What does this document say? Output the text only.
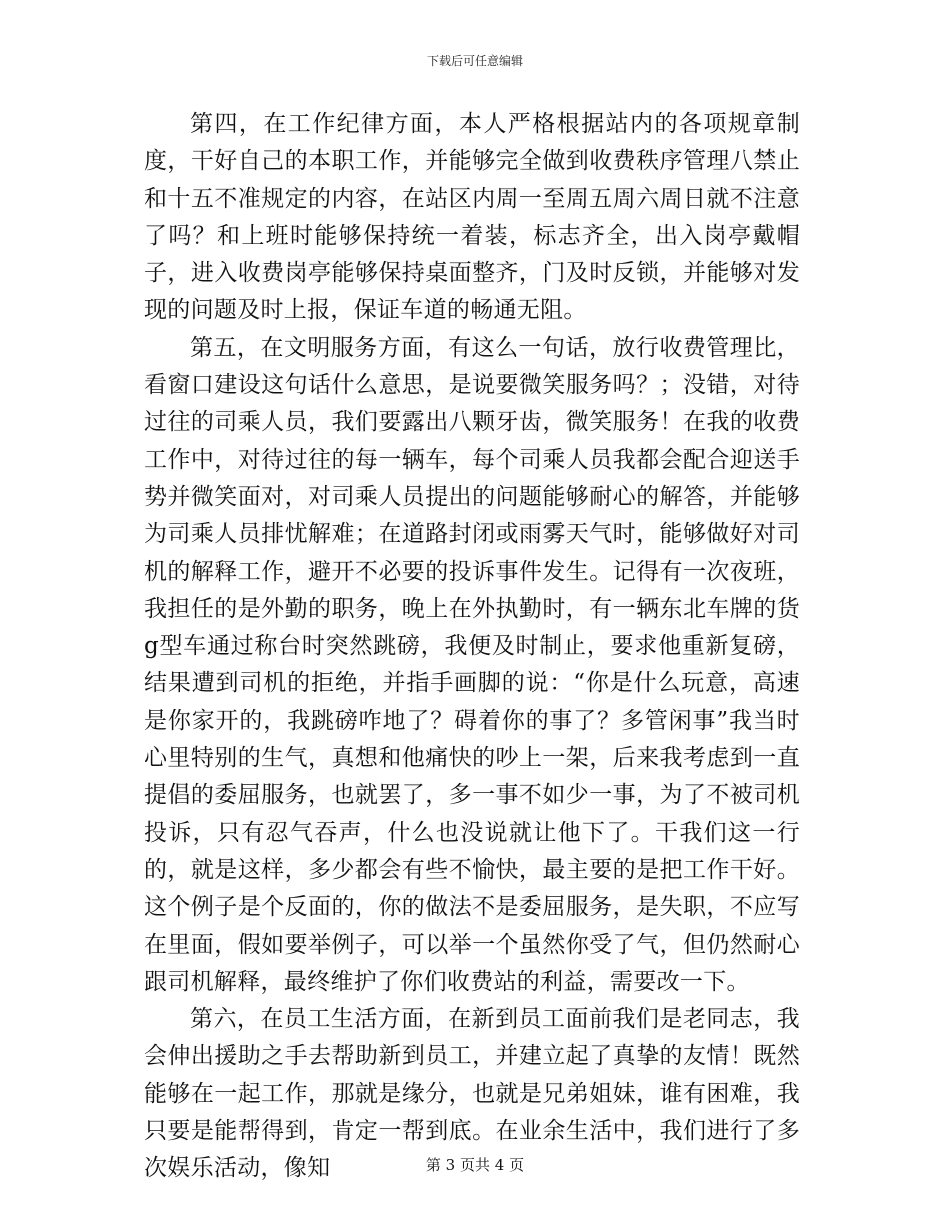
下载后可任意编辑

第四，在工作纪律方面，本人严格根据站内的各项规章制度，干好自己的本职工作，并能够完全做到收费秩序管理八禁止和十五不准规定的内容，在站区内周一至周五周六周日就不注意了吗？和上班时能够保持统一着装，标志齐全，出入岗亭戴帽子，进入收费岗亭能够保持桌面整齐，门及时反锁，并能够对发现的问题及时上报，保证车道的畅通无阻。

第五，在文明服务方面，有这么一句话，放行收费管理比，看窗口建设这句话什么意思，是说要微笑服务吗？；没错，对待过往的司乘人员，我们要露出八颗牙齿，微笑服务！在我的收费工作中，对待过往的每一辆车，每个司乘人员我都会配合迎送手势并微笑面对，对司乘人员提出的问题能够耐心的解答，并能够为司乘人员排忧解难；在道路封闭或雨雾天气时，能够做好对司机的解释工作，避开不必要的投诉事件发生。记得有一次夜班，我担任的是外勤的职务，晚上在外执勤时，有一辆东北车牌的货g型车通过称台时突然跳磅，我便及时制止，要求他重新复磅，结果遭到司机的拒绝，并指手画脚的说：“你是什么玩意，高速是你家开的，我跳磅咋地了？碍着你的事了？多管闲事”我当时心里特别的生气，真想和他痛快的吵上一架，后来我考虑到一直提倡的委屈服务，也就罢了，多一事不如少一事，为了不被司机投诉，只有忍气吞声，什么也没说就让他下了。干我们这一行的，就是这样，多少都会有些不愉快，最主要的是把工作干好。这个例子是个反面的，你的做法不是委屈服务，是失职，不应写在里面，假如要举例子，可以举一个虽然你受了气，但仍然耐心跟司机解释，最终维护了你们收费站的利益，需要改一下。

第六，在员工生活方面，在新到员工面前我们是老同志，我会伸出援助之手去帮助新到员工，并建立起了真挚的友情！既然能够在一起工作，那就是缘分，也就是兄弟姐妹，谁有困难，我只要是能帮得到，肯定一帮到底。在业余生活中，我们进行了多次娱乐活动，像知	第 3 页共 4 页
